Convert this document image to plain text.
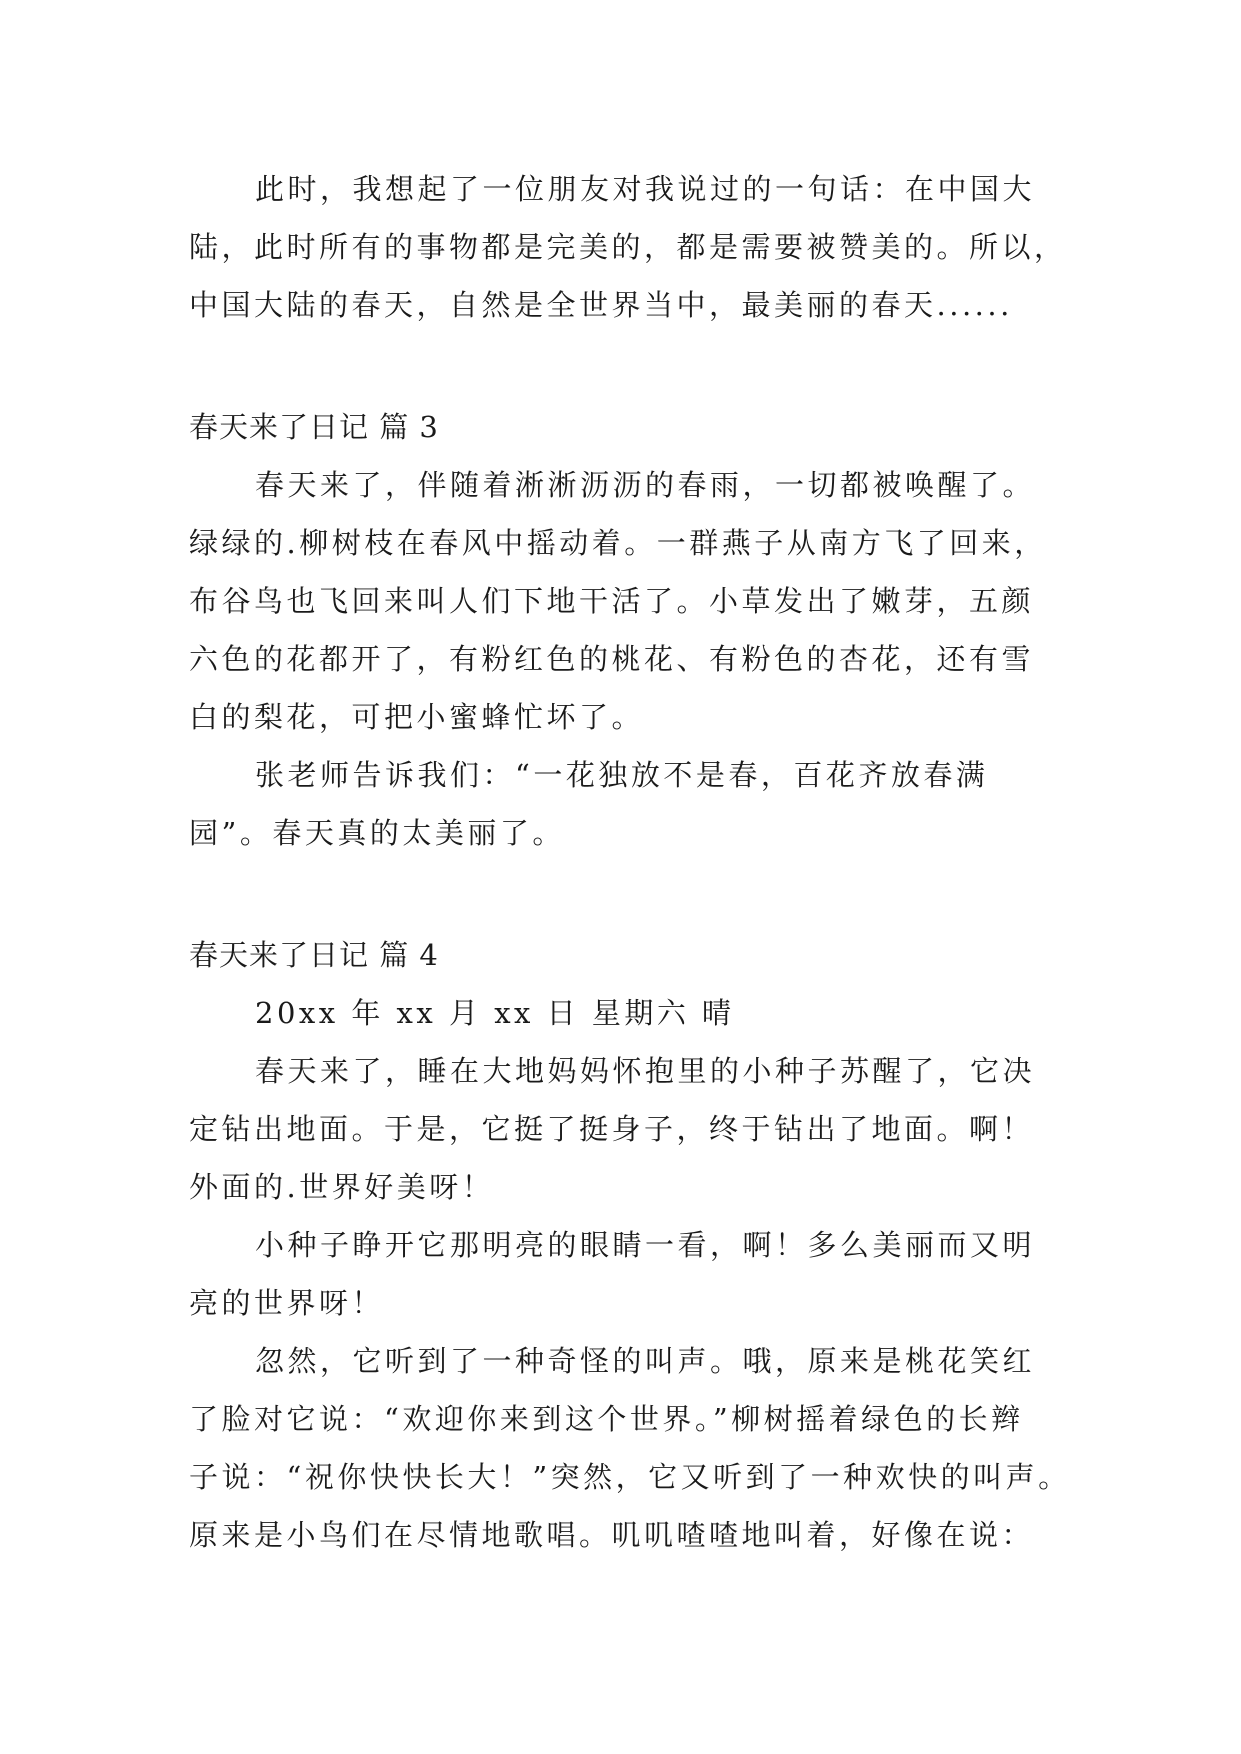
此时，我想起了一位朋友对我说过的一句话：在中国大

陆，此时所有的事物都是完美的，都是需要被赞美的。所以，

中国大陆的春天，自然是全世界当中，最美丽的春天......

春天来了日记 篇 3

春天来了，伴随着淅淅沥沥的春雨，一切都被唤醒了。

绿绿的.柳树枝在春风中摇动着。一群燕子从南方飞了回来，

布谷鸟也飞回来叫人们下地干活了。小草发出了嫩芽，五颜

六色的花都开了，有粉红色的桃花、有粉色的杏花，还有雪

白的梨花，可把小蜜蜂忙坏了。

张老师告诉我们：“一花独放不是春，百花齐放春满

园”。春天真的太美丽了。

春天来了日记 篇 4

20xx 年 xx 月 xx 日 星期六 晴

春天来了，睡在大地妈妈怀抱里的小种子苏醒了，它决

定钻出地面。于是，它挺了挺身子，终于钻出了地面。啊！

外面的.世界好美呀！

小种子睁开它那明亮的眼睛一看，啊！多么美丽而又明

亮的世界呀！

忽然，它听到了一种奇怪的叫声。哦，原来是桃花笑红

了脸对它说：“欢迎你来到这个世界。”柳树摇着绿色的长辫

子说：“祝你快快长大！”突然，它又听到了一种欢快的叫声。

原来是小鸟们在尽情地歌唱。叽叽喳喳地叫着，好像在说：
